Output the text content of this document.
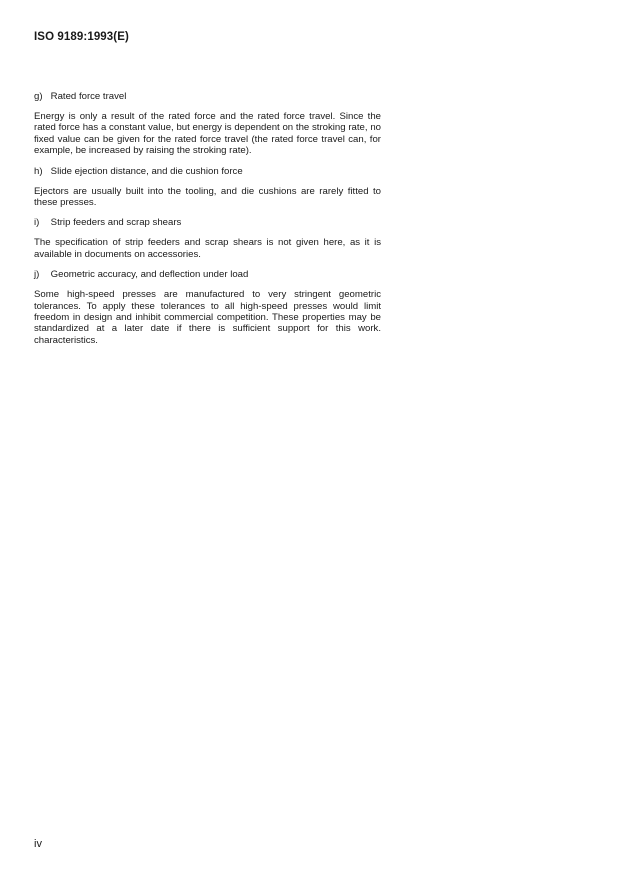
ISO 9189:1993(E)
g) Rated force travel

Energy is only a result of the rated force and the rated force travel. Since the rated force has a constant value, but energy is dependent on the stroking rate, no fixed value can be given for the rated force travel (the rated force travel can, for example, be increased by raising the stroking rate).

h) Slide ejection distance, and die cushion force

Ejectors are usually built into the tooling, and die cushions are rarely fitted to these presses.

i) Strip feeders and scrap shears

The specification of strip feeders and scrap shears is not given here, as it is available in documents on accessories.

j) Geometric accuracy, and deflection under load

Some high-speed presses are manufactured to very stringent geometric tolerances. To apply these tolerances to all high-speed presses would limit freedom in design and inhibit commercial competition. These properties may be standardized at a later date if there is sufficient support for this work. characteristics.

iv
